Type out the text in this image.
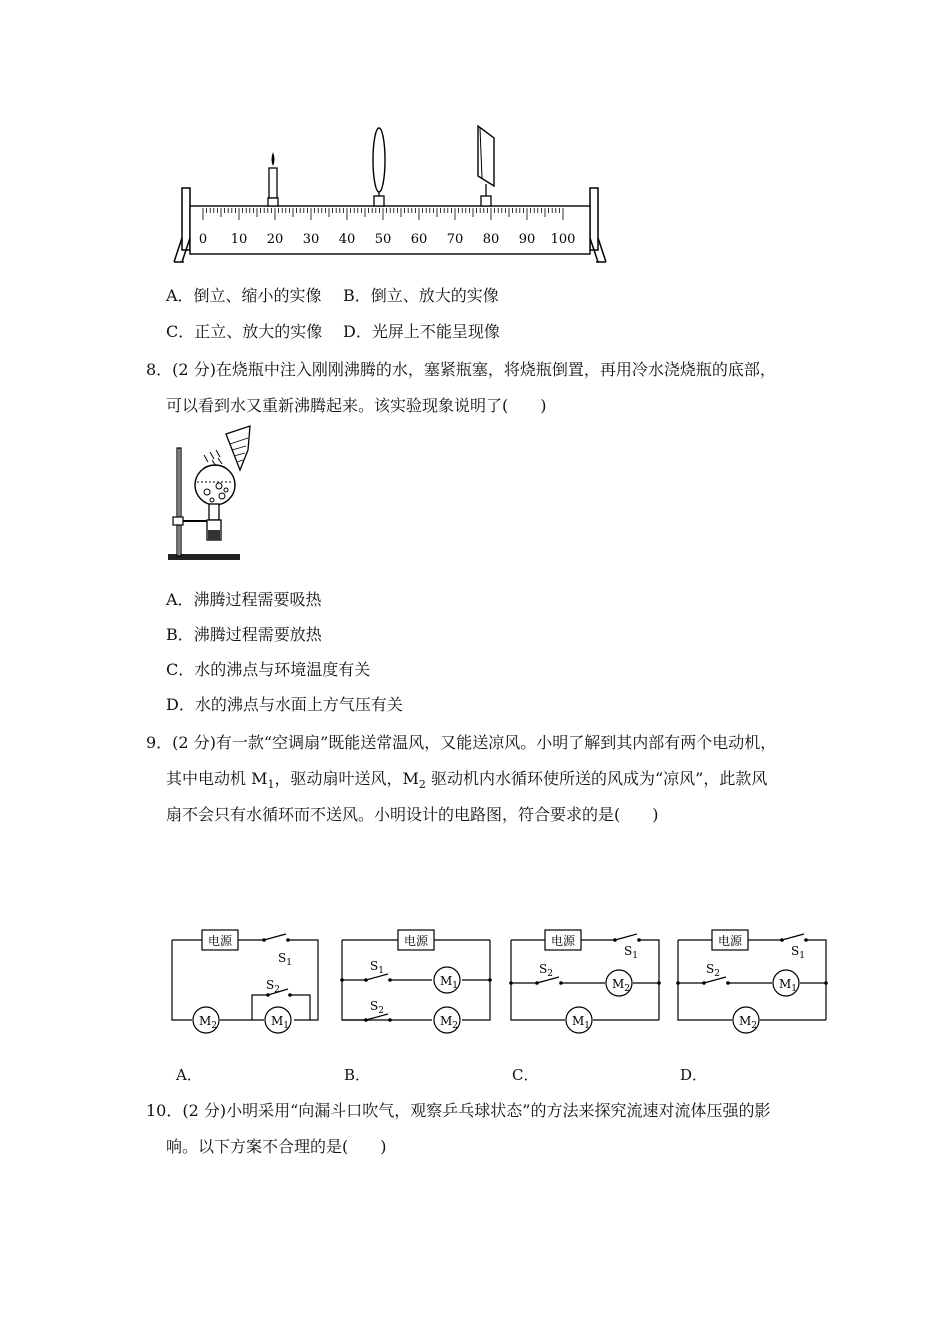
0 10 20 30 40 50 60 70 80 90 100
A．倒立、缩小的实像 B．倒立、放大的实像
C．正立、放大的实像 D．光屏上不能呈现像
8．(2 分)在烧瓶中注入刚刚沸腾的水，塞紧瓶塞，将烧瓶倒置，再用冷水浇烧瓶的底部，
可以看到水又重新沸腾起来。该实验现象说明了(　　)
A．沸腾过程需要吸热
B．沸腾过程需要放热
C．水的沸点与环境温度有关
D．水的沸点与水面上方气压有关
9．(2 分)有一款“空调扇”既能送常温风，又能送凉风。小明了解到其内部有两个电动机，
其中电动机 $M_1$，驱动扇叶送风，$M_2$ 驱动机内水循环使所送的风成为“凉风”，此款风
扇不会只有水循环而不送风。小明设计的电路图，符合要求的是(　　)
电源
$M_2$	$M_1$
$S_1$
$S_2$
电源
$M_1$
$M_2$
$S_1$
$S_2$
电源
$M_2$
$M_1$
$S_1$
$S_2$
电源
$M_1$
$M_2$
$S_1$
$S_2$
A．	B．	C．	D．
10．(2 分)小明采用“向漏斗口吹气，观察乒乓球状态”的方法来探究流速对流体压强的影
响。以下方案不合理的是(　　)
